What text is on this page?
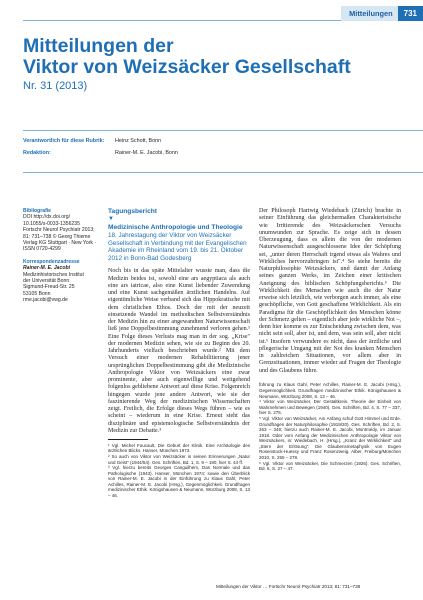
Mitteilungen	731
Mitteilungen der
Viktor von Weizsäcker Gesellschaft
Nr. 31 (2013)
Verantwortlich für diese Rubrik:	Heinz Schott, Bonn
Redaktion:	Rainer-M. E. Jacobi, Bonn
Bibliografie
DOI http://dx.doi.org/
10.1055/s-0033-1356235
Fortschr Neurol Psychiatr 2013;
81: 731–738 © Georg Thieme
Verlag KG Stuttgart · New York ·
ISSN 0720-4299
Korrespondenzadresse
Rainer-M. E. Jacobi
Medizinhistorisches Institut
der Universität Bonn
Sigmund-Freud-Str. 25
53105 Bonn
rme.jacobi@vwg.de
Tagungsbericht
▼
Medizinische Anthropologie und Theologie
18. Jahrestagung der Viktor von Weizsäcker Gesellschaft in Verbindung mit der Evangelischen Akademie im Rheinland vom 19. bis 21. Oktober 2012 in Bonn-Bad Godesberg
Noch bis in das späte Mittelalter wusste man, dass die Medizin beides ist, sowohl eine ars aegyptiaca als auch eine ars iatricae, also eine Kunst liebender Zuwendung und eine Kunst sachgemäßen ärztlichen Handelns. Auf eigentümliche Weise verband sich das Hippokratische mit dem christlichen Ethos. Doch der mit der neuzeit einsetzende Wandel im methodischen Selbstverständnis der Medizin hin zu einer angewandten Naturwissenschaft ließ jene Doppelbestimmung zunehmend verloren gehen.¹ Eine Folge dieses Verlusts mag man in der sog. „Krise" der modernen Medizin sehen, wie sie zu Beginn des 20. Jahrhunderts vielfach beschrieben wurde.² Mit dem Versuch einer modernen Rehabilitierung jener ursprünglichen Doppelbestimmung gibt die Medizinische Anthropologie Viktor von Weizsäckers eine zwar prominente, aber auch eigenwillige und weitgehend folgenlos gebliebene Antwort auf diese Krise. Folgenreich hingegen wurde jene andere Antwort, wie sie der faszinierende Weg der medizinischen Wissenschaften zeigt. Freilich, die Erfolge dieses Wegs führen – wie es scheint – wiederum in eine Krise. Erneut steht das disziplinäre und epistemologische Selbstverständnis der Medizin zur Debatte.³
¹ Vgl. Michel Foucault, Die Geburt der Klinik. Eine Archäologie des ärztlichen Blicks. Hanser, München 1973.
² So auch von Viktor von Weizsäcker in seinen Erinnerungen „Natur und Geist" (1944/54). Ges. Schriften, Bd. 1, S. 9 – 190, hier S. 44 ff.
³ Vgl. hierzu bereits Georges Canguilhem, Das Normale und das Pathologische (1943). Hanser, München 1974; sowie den Überblick von Rainer-M. E. Jacobi in der Einführung zu Klaus Gahl, Peter Achilles, Rainer-M. E. Jacobi (Hrsg.), Gegenmöglichkeit. Grundfragen medizinischer Ethik. Königshausen & Neumann, Würzburg 2008, S. 13 – 46.
Der Philosoph Hartwig Wiedebach (Zürich) brachte in seiner Einführung das gleichermaßen Charakteristische wie Irritierende des Weizsäckerschen Versuchs unumwunden zur Sprache. Es zeige sich in dessen Überzeugung, dass es allein die von der modernen Naturwissenschaft ausgeschlossene Idee der Schöpfung sei, „unter deren Herrschaft irgend etwas als Wahres und Wirkliches hervorzubringen ist".⁴ So stehe bereits die Naturphilosophie Weizsäckers, und damit der Anfang seines ganzen Werks, im Zeichen einer kritischen Aneignung des biblischen Schöpfungsberichts.⁵ Die Wirklichkeit des Menschen wie auch die der Natur erweise sich letztlich, wie verborgen auch immer, als eine geschöpfliche, von Gott geschaffene Wirklichkeit. Als ein Paradigma für die Geschöpflichkeit des Menschen könne der Schmerz gelten – eigentlich aber jede wirkliche Not –, denn hier komme es zur Entscheidung zwischen dem, was nicht sein soll, aber ist, und dem, was sein soll, aber nicht ist.⁶ Insofern verwundere es nicht, dass der ärztliche und pflegerische Umgang mit der Not des kranken Menschen in zahlreichen Situationen, vor allem aber in Grenzsituationen, immer wieder auf Fragen der Theologie und des Glaubens führe.
führung zu Klaus Gahl, Peter Achilles, Rainer-M. E. Jacobi (Hrsg.), Gegenmöglichkeit. Grundfragen medizinischer Ethik. Königshausen & Neumann, Würzburg 2008, S. 13 – 46.
⁴ Viktor von Weizsäcker, Der Gestaltkreis. Theorie der Einheit von Wahrnehmen und Bewegen (1940). Ges. Schriften, Bd. 4, S. 77 – 337, hier S. 275.
⁵ Vgl. Viktor von Weizsäcker, Am Anfang schuf Gott Himmel und Erde. Grundfragen der Naturphilosophie (1919/20). Ges. Schriften, Bd. 2, S. 263 – 349; hierzu auch Rainer-M. E. Jacobi, Montmédy, im Januar 1918. Oder vom Anfang der Medizinischen Anthropologie Viktor von Weizsäckers, in: Wiedebach, H. (Hrsg.), „Kranz der Wirklichkeit" und „Stern der Erlösung". Die Glaubensmetaphysik von Eugen Rosenstock-Huessy und Franz Rosenzweig. Alber, Freiburg/München 2010, S. 255 – 278.
⁶ Vgl. Viktor von Weizsäcker, Die Schmerzen (1926). Ges. Schriften, Bd. 5, S. 27 – 47.
Mitteilungen der Viktor … Fortschr Neurol Psychiatr 2013; 81: 731–738
